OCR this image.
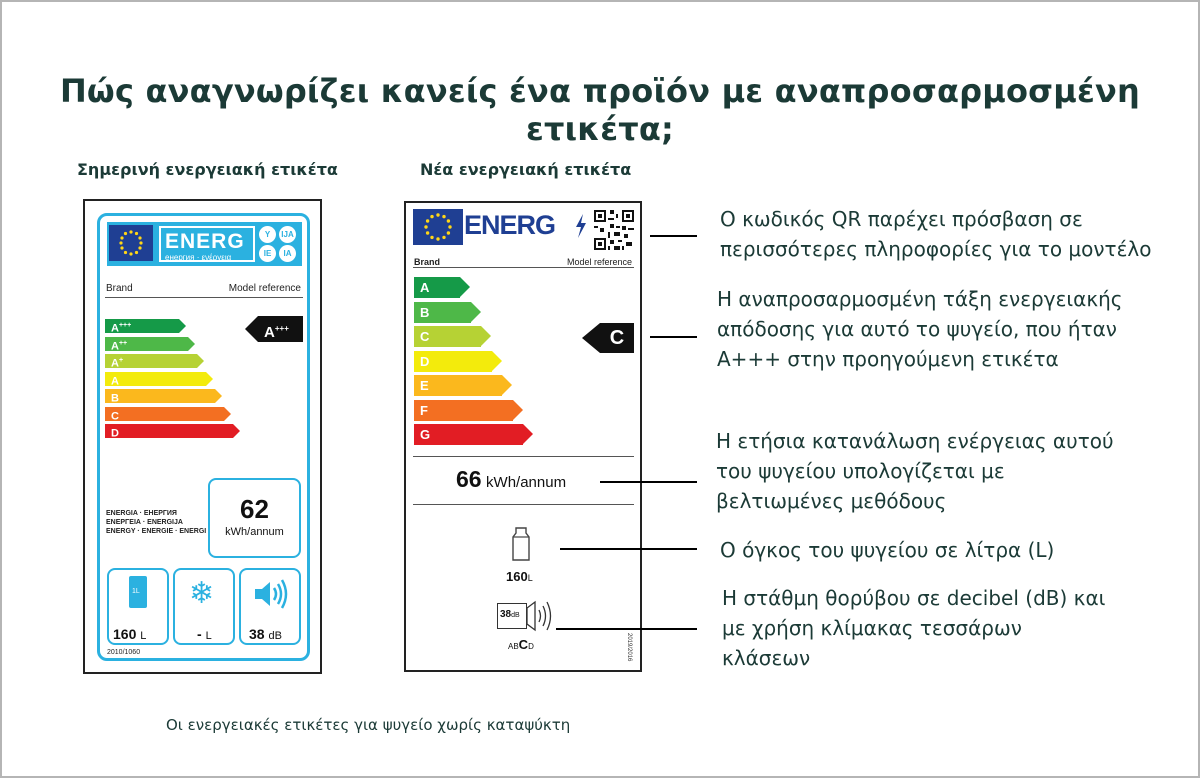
Πώς αναγνωρίζει κανείς ένα προϊόν με αναπροσαρμοσμένη ετικέτα;
Σημερινή ενεργειακή ετικέτα	Νέα ενεργειακή ετικέτα
ENERG
енергия · ενέργεια
Y	IJA
IE	IA
Brand	Model reference
A+++
A++
A+
A
B
C
D
A+++
ENERGIA · ЕНЕРГИЯ
ΕΝΕΡΓΕΙΑ · ENERGIJA
ENERGY · ENERGIE · ENERGI
62
kWh/annum
1L
160 L
❄
- L	38 dB
2010/1060
ENERG
Brand	Model reference
A
B
C
D
E
F
G
C
66 kWh/annum
160L
38dB
ABCD	2019/2016
Ο κωδικός QR παρέχει πρόσβαση σε
περισσότερες πληροφορίες για το μοντέλο
Η αναπροσαρμοσμένη τάξη ενεργειακής
απόδοσης για αυτό το ψυγείο, που ήταν
A+++ στην προηγούμενη ετικέτα
Η ετήσια κατανάλωση ενέργειας αυτού
του ψυγείου υπολογίζεται με
βελτιωμένες μεθόδους
Ο όγκος του ψυγείου σε λίτρα (L)
Η στάθμη θορύβου σε decibel (dB) και
με χρήση κλίμακας τεσσάρων
κλάσεων
Οι ενεργειακές ετικέτες για ψυγείο χωρίς καταψύκτη
